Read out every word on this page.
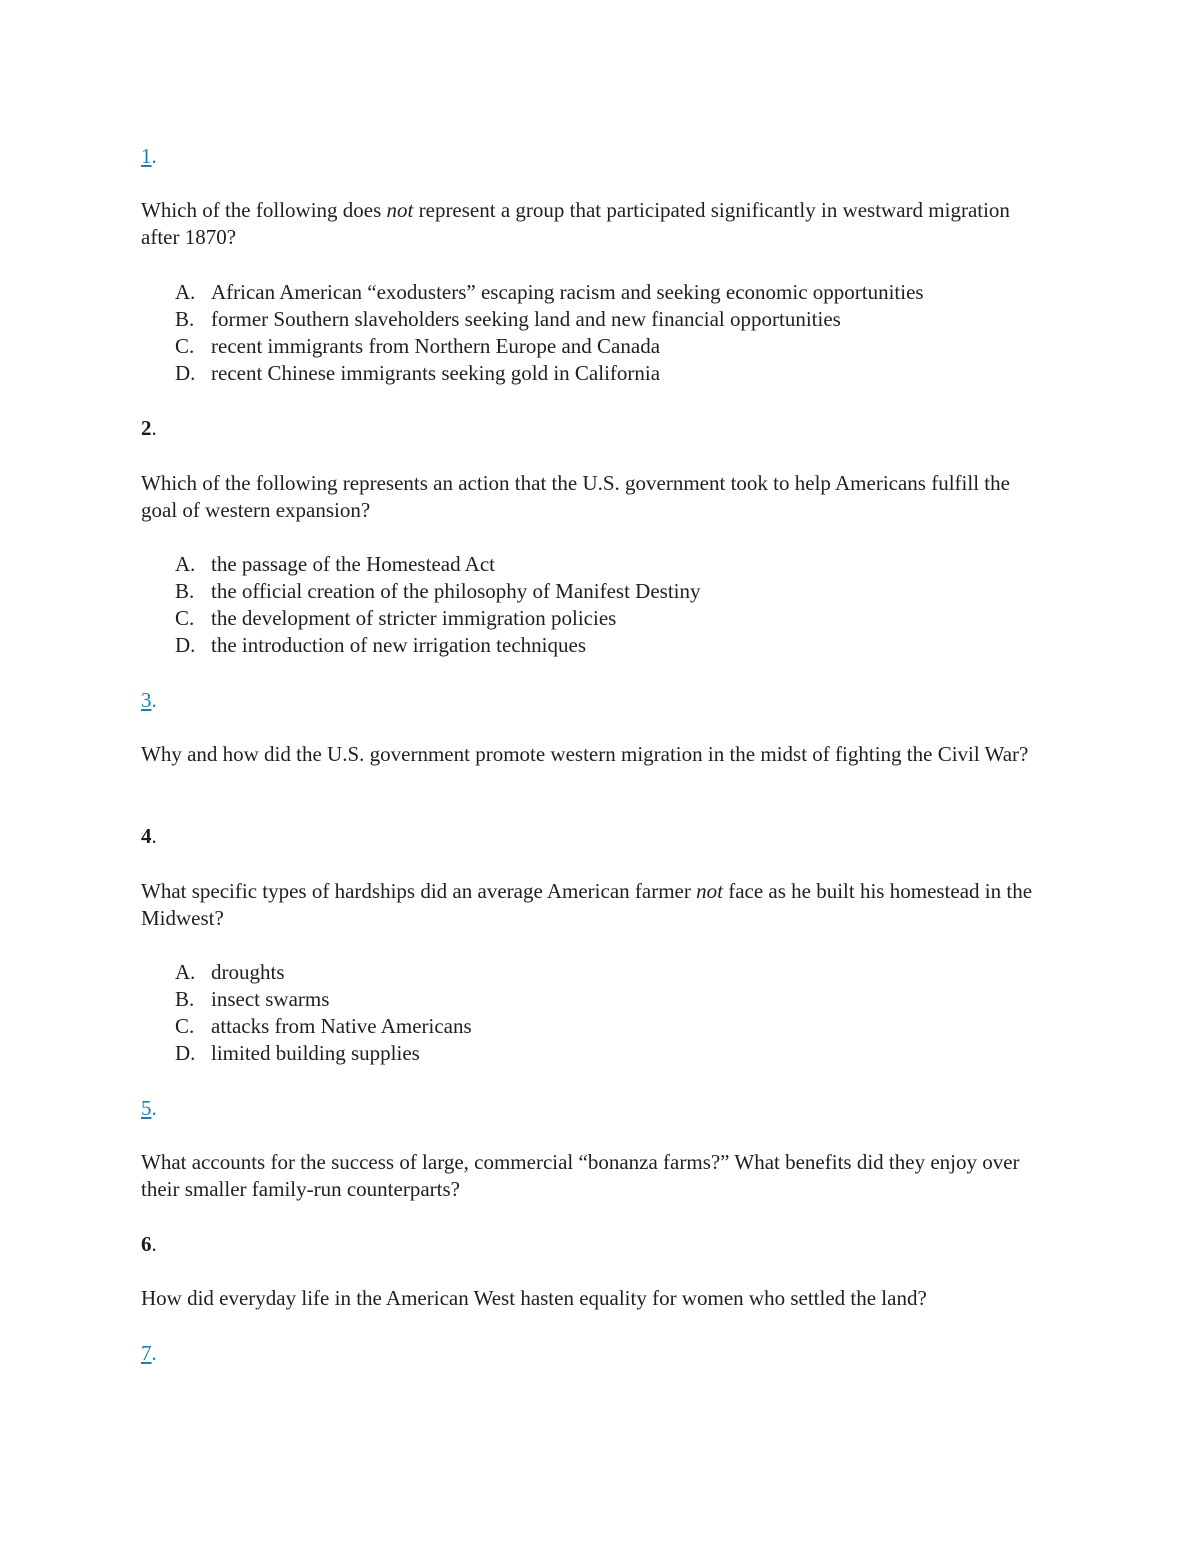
1.

Which of the following does not represent a group that participated significantly in westward migration after 1870?

A. African American “exodusters” escaping racism and seeking economic opportunities
B. former Southern slaveholders seeking land and new financial opportunities
C. recent immigrants from Northern Europe and Canada
D. recent Chinese immigrants seeking gold in California
2.

Which of the following represents an action that the U.S. government took to help Americans fulfill the goal of western expansion?

A. the passage of the Homestead Act
B. the official creation of the philosophy of Manifest Destiny
C. the development of stricter immigration policies
D. the introduction of new irrigation techniques
3.

Why and how did the U.S. government promote western migration in the midst of fighting the Civil War?

4.

What specific types of hardships did an average American farmer not face as he built his homestead in the Midwest?

A. droughts
B. insect swarms
C. attacks from Native Americans
D. limited building supplies
5.

What accounts for the success of large, commercial “bonanza farms?” What benefits did they enjoy over their smaller family-run counterparts?

6.

How did everyday life in the American West hasten equality for women who settled the land?

7.
